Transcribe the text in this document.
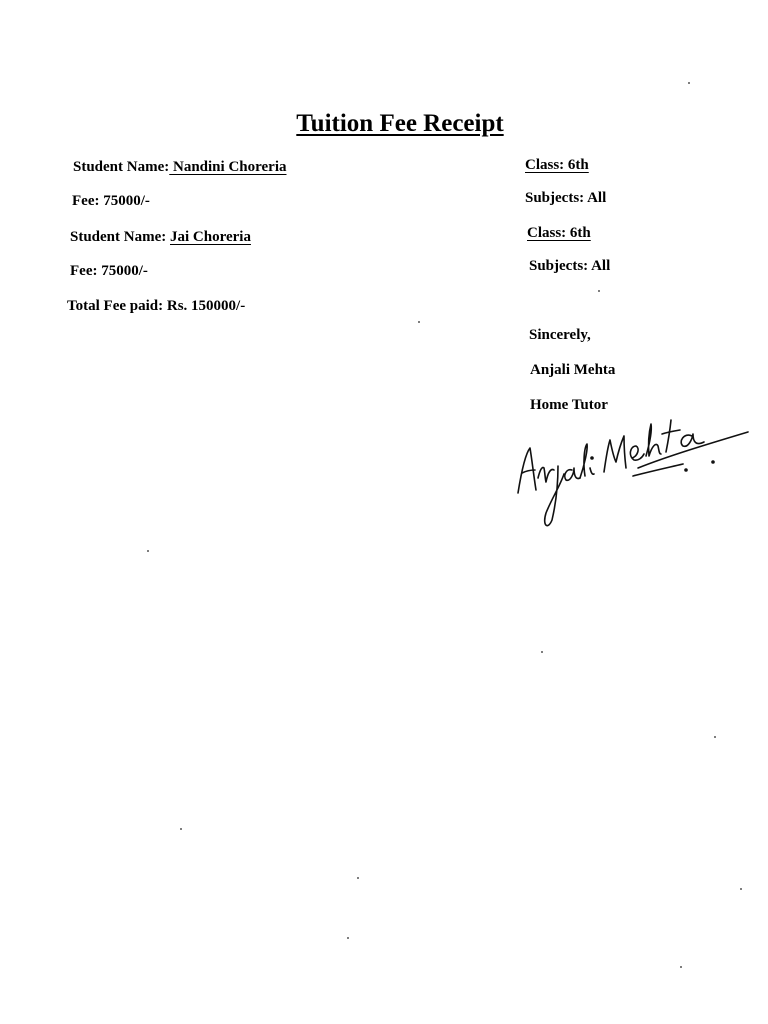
Tuition Fee Receipt
Student Name: Nandini Choreria	Class: 6th
Fee: 75000/-	Subjects: All
Student Name: Jai Choreria	Class: 6th
Fee: 75000/-	Subjects: All
Total Fee paid: Rs. 150000/-
Sincerely,
Anjali Mehta
Home Tutor
